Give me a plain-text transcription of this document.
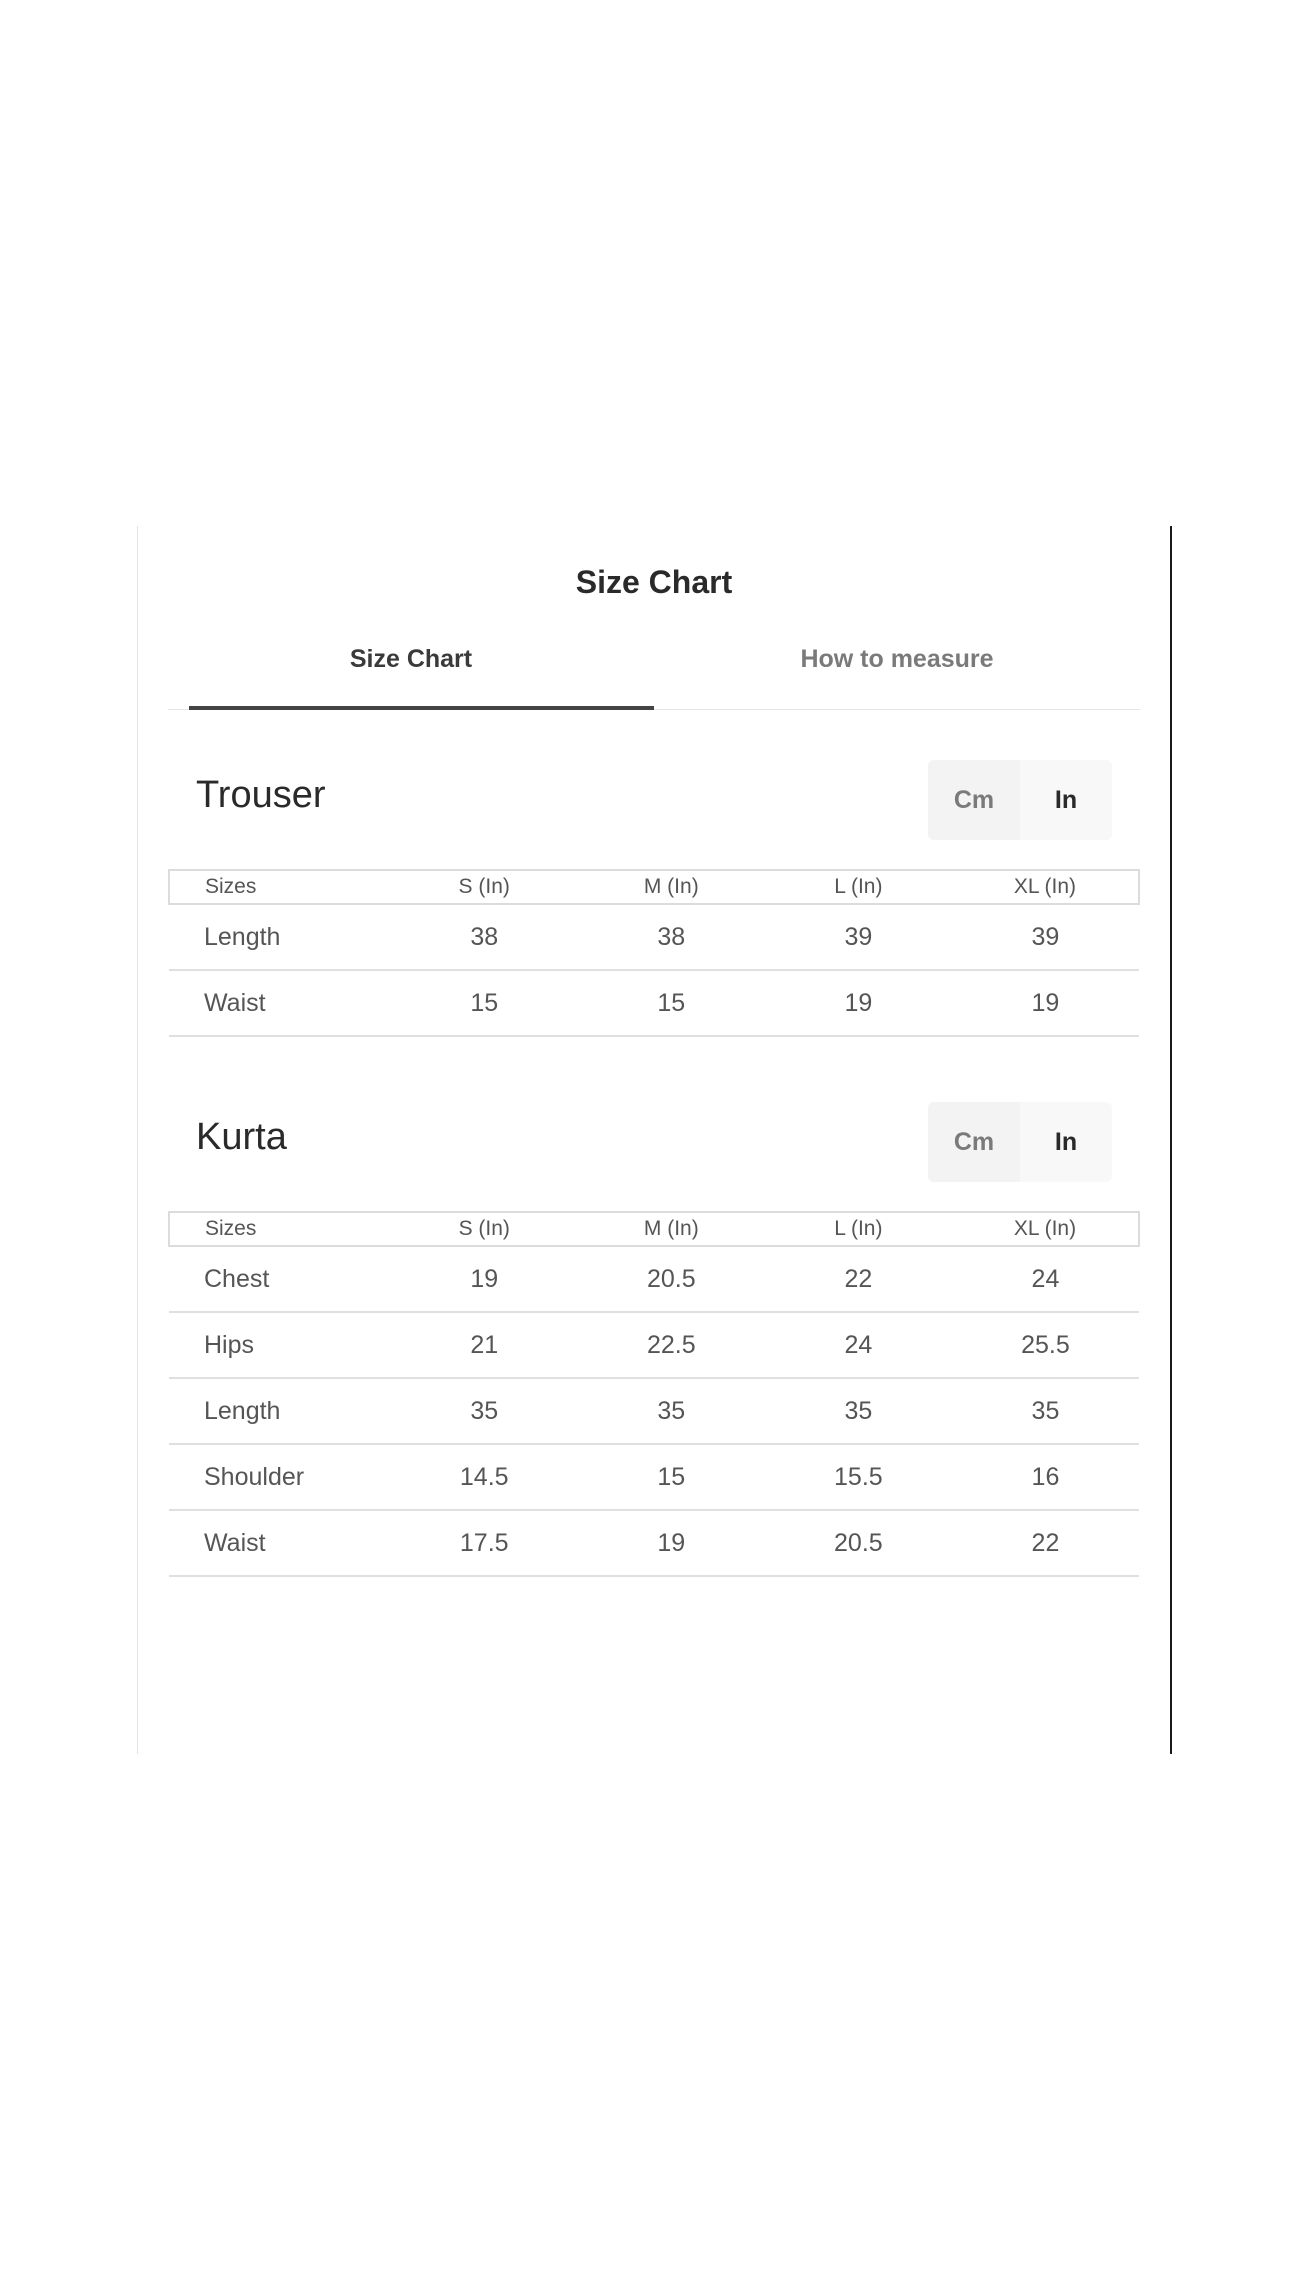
Size Chart
Size Chart	How to measure
Trouser	Cm	In
Sizes	S (In)	M (In)	L (In)	XL (In)
Length	38	38	39	39
Waist	15	15	19	19
Kurta	Cm	In
Sizes	S (In)	M (In)	L (In)	XL (In)
Chest	19	20.5	22	24
Hips	21	22.5	24	25.5
Length	35	35	35	35
Shoulder	14.5	15	15.5	16
Waist	17.5	19	20.5	22
